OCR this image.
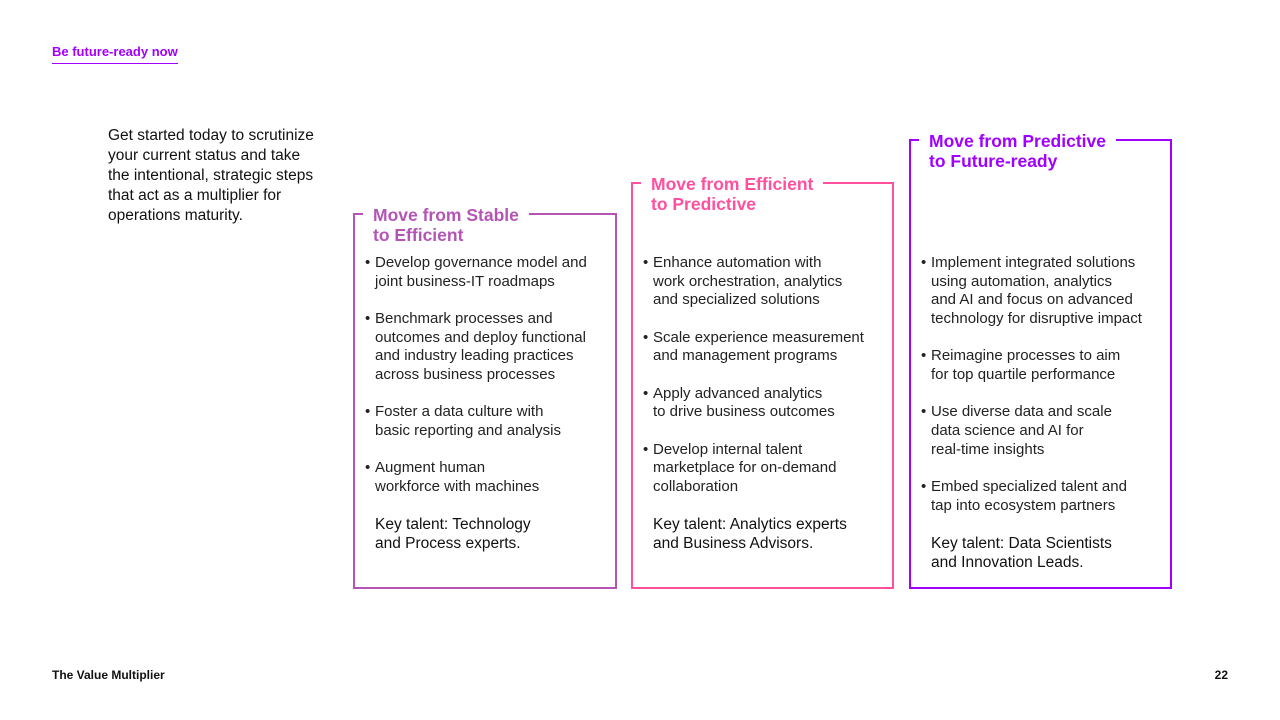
Be future-ready now
Get started today to scrutinize
your current status and take
the intentional, strategic steps
that act as a multiplier for
operations maturity.	Move from Stable
to Efficient
• Develop governance model and
joint business-IT roadmaps
• Benchmark processes and
outcomes and deploy functional
and industry leading practices
across business processes
• Foster a data culture with
basic reporting and analysis
• Augment human
workforce with machines
Key talent: Technology
and Process experts.
Move from Efficient
to Predictive
• Enhance automation with
work orchestration, analytics
and specialized solutions
• Scale experience measurement
and management programs
• Apply advanced analytics
to drive business outcomes
• Develop internal talent
marketplace for on-demand
collaboration
Key talent: Analytics experts
and Business Advisors.
Move from Predictive
to Future-ready
• Implement integrated solutions
using automation, analytics
and AI and focus on advanced
technology for disruptive impact
• Reimagine processes to aim
for top quartile performance
• Use diverse data and scale
data science and AI for
real-time insights
• Embed specialized talent and
tap into ecosystem partners
Key talent: Data Scientists
and Innovation Leads.
The Value Multiplier	22
